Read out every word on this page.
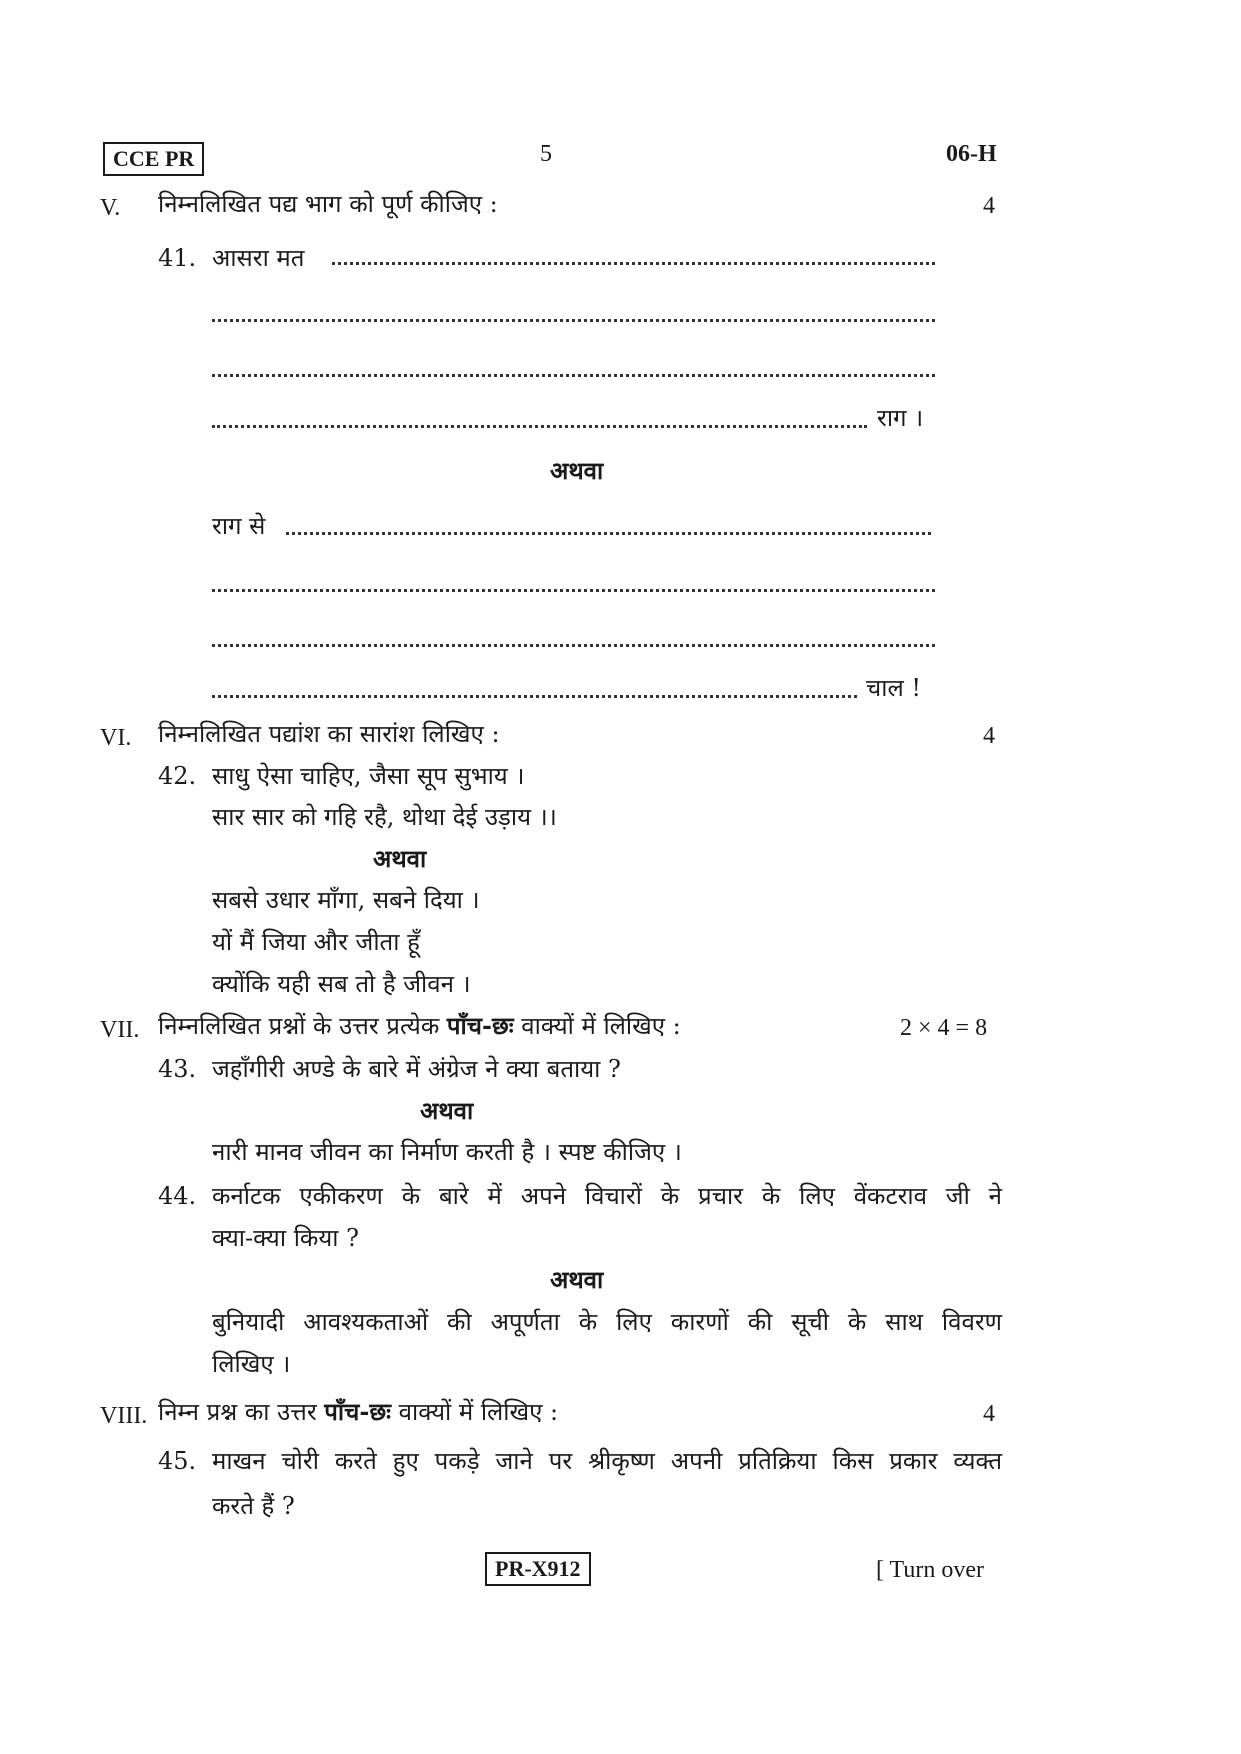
CCE PR	5	06-H
V. निम्नलिखित पद्य भाग को पूर्ण कीजिए :	4
41. आसरा मत
राग ।
अथवा
राग से
चाल !
VI. निम्नलिखित पद्यांश का सारांश लिखिए :	4
42. साधु ऐसा चाहिए, जैसा सूप सुभाय ।
सार सार को गहि रहै, थोथा देई उड़ाय ।।
अथवा
सबसे उधार माँगा, सबने दिया ।
यों मैं जिया और जीता हूँ
क्योंकि यही सब तो है जीवन ।
VII. निम्नलिखित प्रश्नों के उत्तर प्रत्येक पाँच-छः वाक्यों में लिखिए :	2 × 4 = 8
43. जहाँगीरी अण्डे के बारे में अंग्रेज ने क्या बताया ?
अथवा
नारी मानव जीवन का निर्माण करती है । स्पष्ट कीजिए ।
44. कर्नाटक एकीकरण के बारे में अपने विचारों के प्रचार के लिए वेंकटराव जी ने
क्या-क्या किया ?
अथवा
बुनियादी आवश्यकताओं की अपूर्णता के लिए कारणों की सूची के साथ विवरण
लिखिए ।
VIII. निम्न प्रश्न का उत्तर पाँच-छः वाक्यों में लिखिए :	4
45. माखन चोरी करते हुए पकड़े जाने पर श्रीकृष्ण अपनी प्रतिक्रिया किस प्रकार व्यक्त
करते हैं ?
PR-X912	[ Turn over
